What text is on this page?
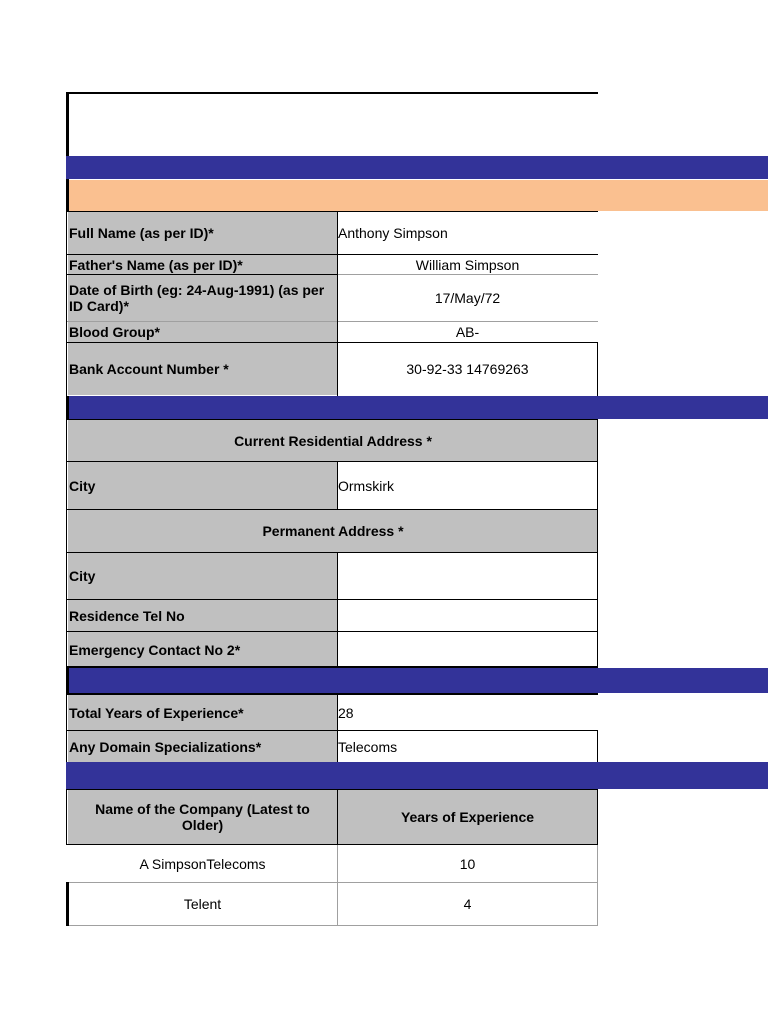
Full Name (as per ID)*	Anthony Simpson
Father's Name (as per ID)*	William Simpson
Date of Birth (eg: 24-Aug-1991) (as per ID Card)*	17/May/72
Blood Group*	AB-
Bank Account Number *	30-92-33 14769263
Current Residential Address *
City	Ormskirk
Permanent Address *
City
Residence Tel No
Emergency Contact No 2*
Total Years of Experience*	28
Any Domain Specializations*	Telecoms
Name of the Company (Latest to Older)	Years of Experience
A SimpsonTelecoms	10
Telent	4
